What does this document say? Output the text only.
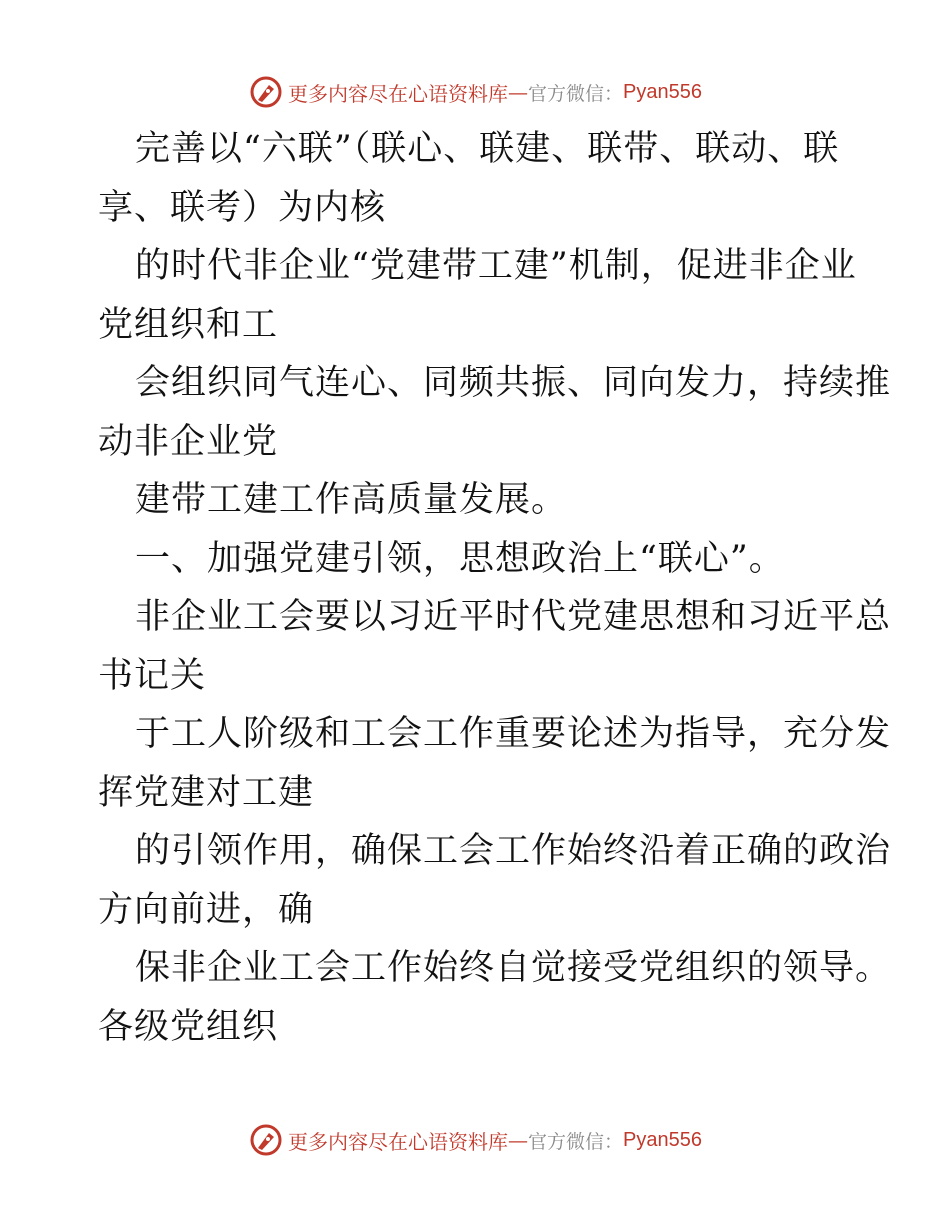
更多内容尽在心语资料库 — 官方微信： Pyan556
完善以“六联”（联心、联建、联带、联动、联
享、联考）为内核
的时代非企业“党建带工建”机制，促进非企业
党组织和工
会组织同气连心、同频共振、同向发力，持续推
动非企业党
建带工建工作高质量发展。
一、加强党建引领，思想政治上“联心”。
非企业工会要以习近平时代党建思想和习近平总
书记关
于工人阶级和工会工作重要论述为指导，充分发
挥党建对工建
的引领作用，确保工会工作始终沿着正确的政治
方向前进，确
保非企业工会工作始终自觉接受党组织的领导。
各级党组织
更多内容尽在心语资料库 — 官方微信： Pyan556
